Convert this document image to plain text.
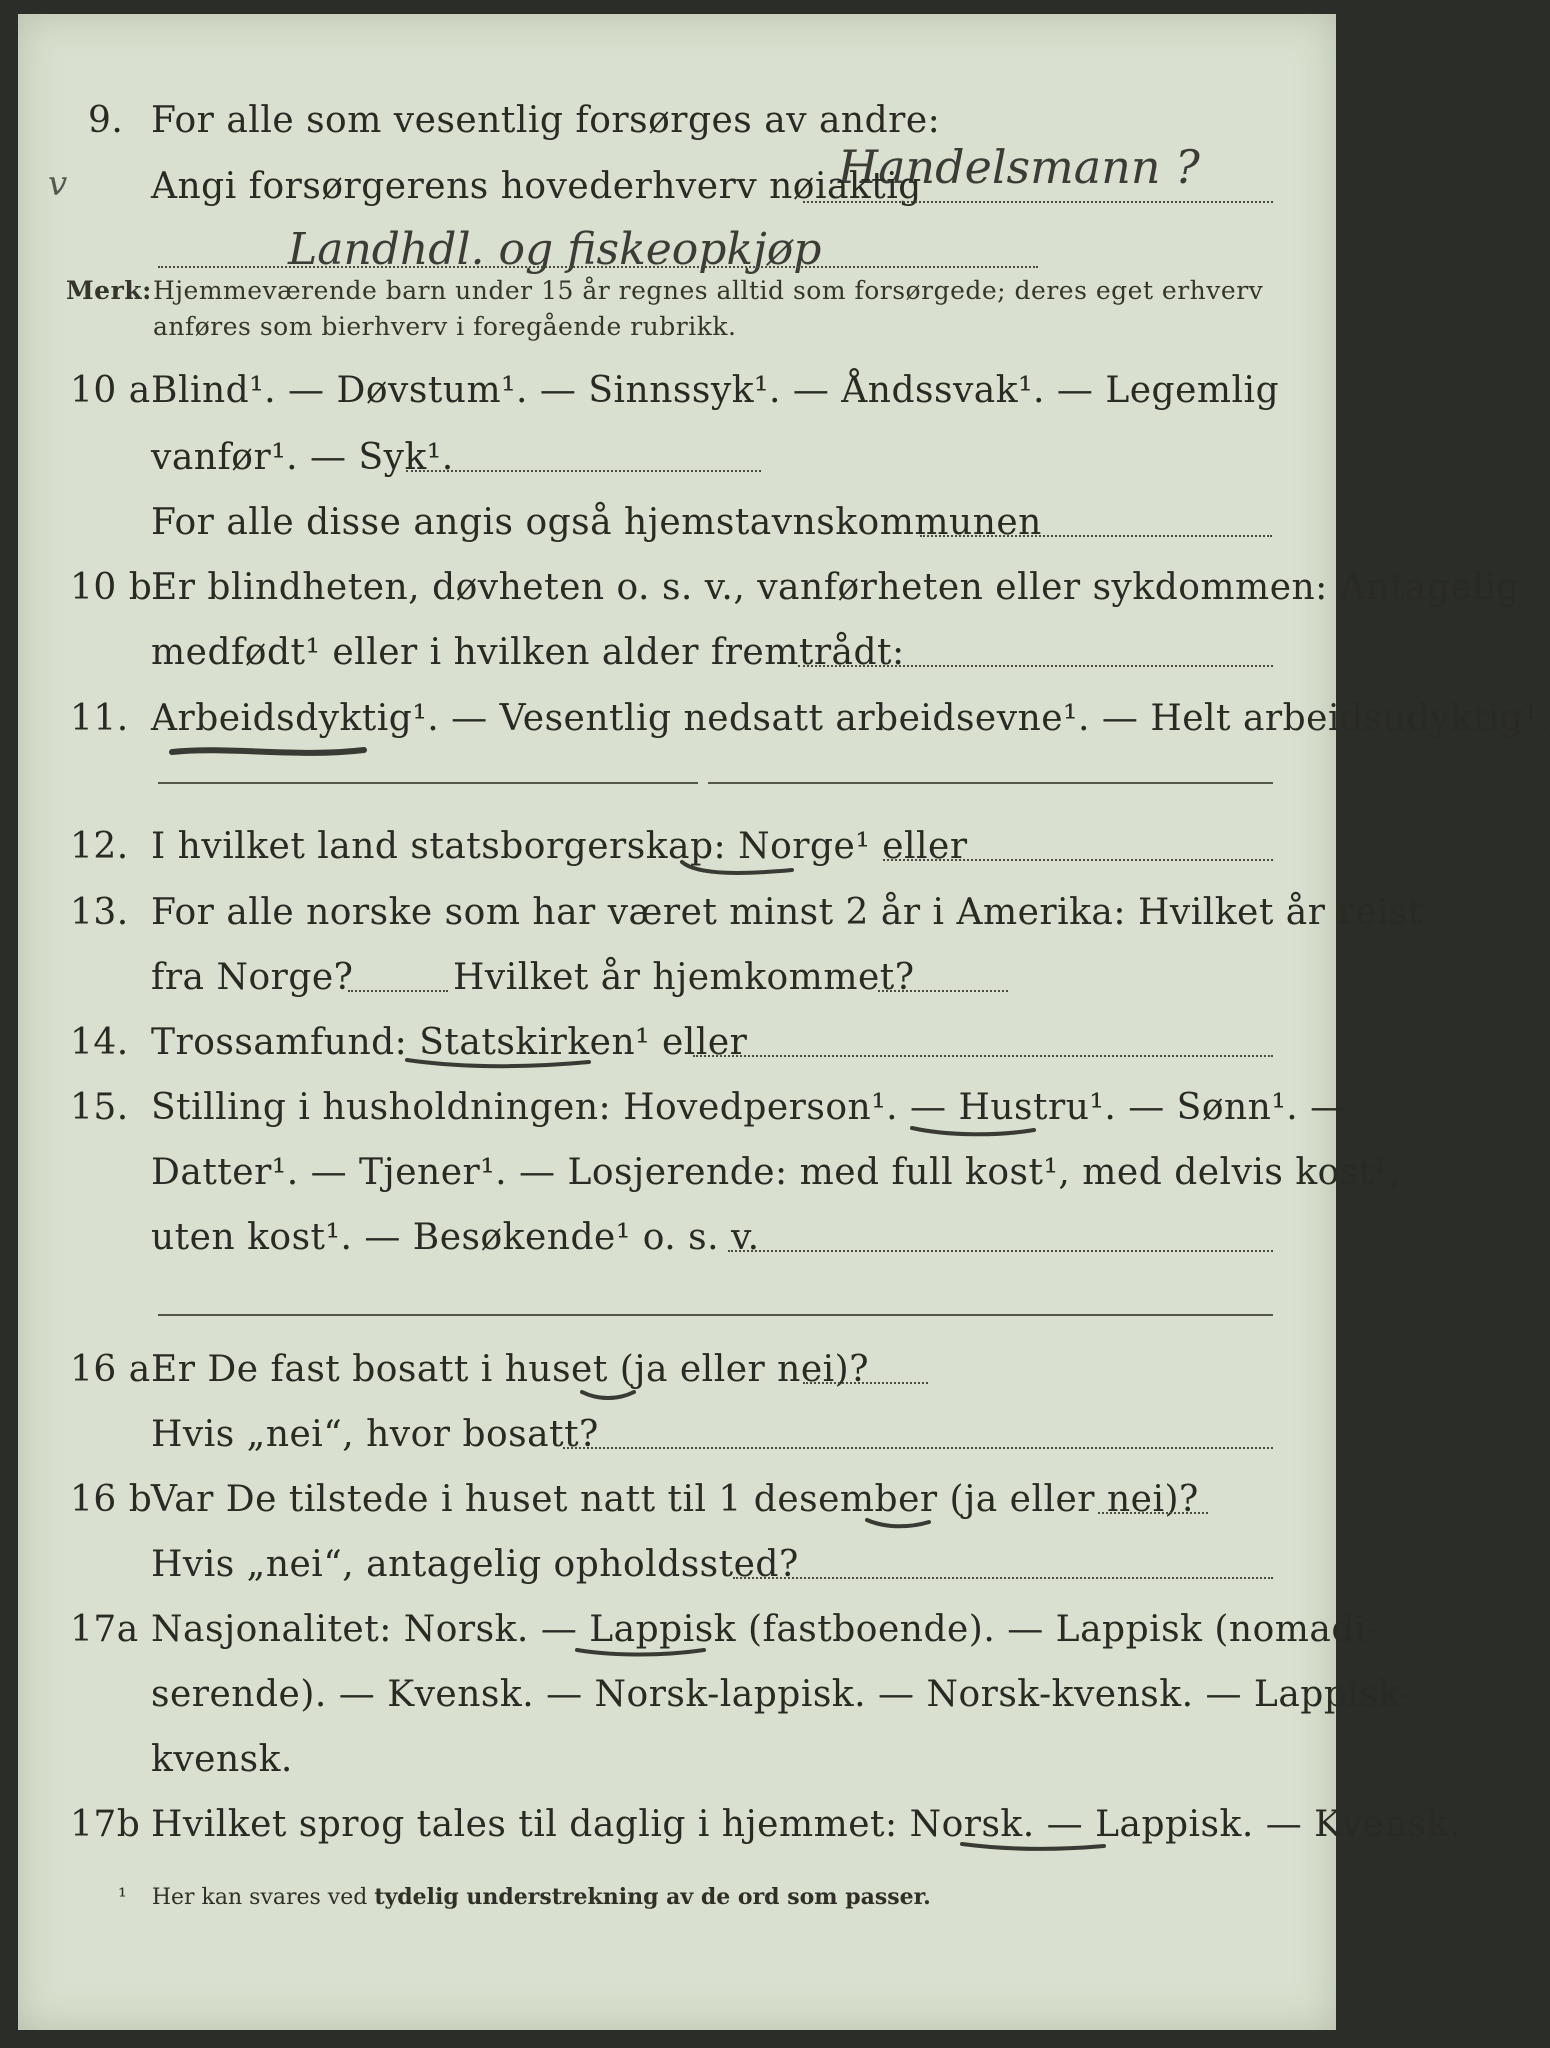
9. For alle som vesentlig forsørges av andre:
Handelsmann ?
v Angi forsørgerens hovederhverv nøiaktig
Landhdl. og fiskeopkjøp
Merk: Hjemmeværende barn under 15 år regnes alltid som forsørgede; deres eget erhverv
anføres som bierhverv i foregående rubrikk.
10 a Blind¹. — Døvstum¹. — Sinnssyk¹. — Åndssvak¹. — Legemlig
vanfør¹. — Syk¹.
For alle disse angis også hjemstavnskommunen
10 b
Er blindheten, døvheten o. s. v., vanførheten eller sykdommen: Antagelig
medfødt¹ eller i hvilken alder fremtrådt:
11. Arbeidsdyktig¹. — Vesentlig nedsatt arbeidsevne¹. — Helt arbeidsudyktig¹.
12. I hvilket land statsborgerskap: Norge¹ eller
13. For alle norske som har været minst 2 år i Amerika: Hvilket år reist
fra Norge?	Hvilket år hjemkommet?
14. Trossamfund: Statskirken¹ eller
15. Stilling i husholdningen: Hovedperson¹. — Hustru¹. — Sønn¹. —
Datter¹. — Tjener¹. — Losjerende: med full kost¹, med delvis kost¹,
uten kost¹. — Besøkende¹ o. s. v.
16 a Er De fast bosatt i huset (ja eller nei)?
Hvis „nei“, hvor bosatt?
16 b
Var De tilstede i huset natt til 1 desember (ja eller nei)?
Hvis „nei“, antagelig opholdssted?
17a Nasjonalitet: Norsk. — Lappisk (fastboende). — Lappisk (nomadi-
serende). — Kvensk. — Norsk-lappisk. — Norsk-kvensk. — Lappisk-
kvensk.
17b Hvilket sprog tales til daglig i hjemmet: Norsk. — Lappisk. — Kvensk.
¹ Her kan svares ved tydelig understrekning av de ord som passer.
